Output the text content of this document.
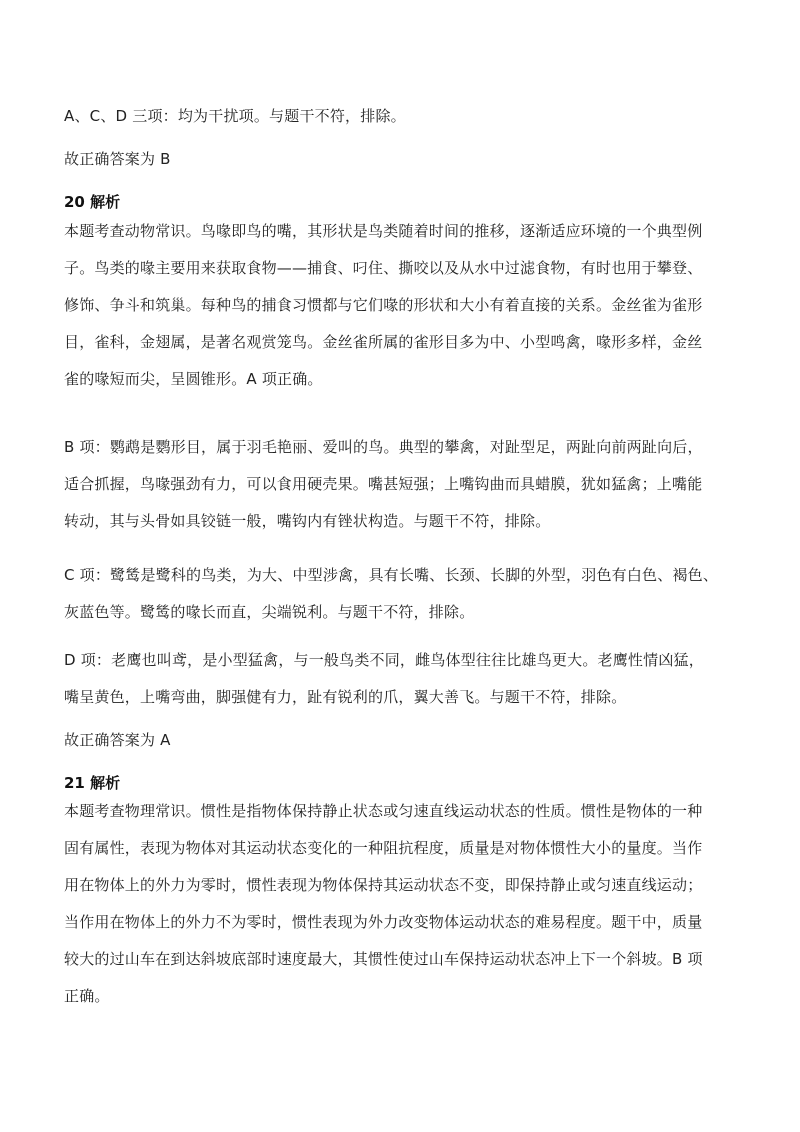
A、C、D 三项：均为干扰项。与题干不符，排除。
故正确答案为 B
20 解析
本题考查动物常识。鸟喙即鸟的嘴，其形状是鸟类随着时间的推移，逐渐适应环境的一个典型例
子。鸟类的喙主要用来获取食物——捕食、叼住、撕咬以及从水中过滤食物，有时也用于攀登、
修饰、争斗和筑巢。每种鸟的捕食习惯都与它们喙的形状和大小有着直接的关系。金丝雀为雀形
目，雀科，金翅属，是著名观赏笼鸟。金丝雀所属的雀形目多为中、小型鸣禽，喙形多样，金丝
雀的喙短而尖，呈圆锥形。A 项正确。
B 项：鹦鹉是鹦形目，属于羽毛艳丽、爱叫的鸟。典型的攀禽，对趾型足，两趾向前两趾向后，
适合抓握，鸟喙强劲有力，可以食用硬壳果。嘴甚短强；上嘴钩曲而具蜡膜，犹如猛禽；上嘴能
转动，其与头骨如具铰链一般，嘴钩内有锉状构造。与题干不符，排除。
C 项：鹭鸶是鹭科的鸟类，为大、中型涉禽，具有长嘴、长颈、长脚的外型，羽色有白色、褐色、
灰蓝色等。鹭鸶的喙长而直，尖端锐利。与题干不符，排除。
D 项：老鹰也叫鸢，是小型猛禽，与一般鸟类不同，雌鸟体型往往比雄鸟更大。老鹰性情凶猛，
嘴呈黄色，上嘴弯曲，脚强健有力，趾有锐利的爪，翼大善飞。与题干不符，排除。
故正确答案为 A
21 解析
本题考查物理常识。惯性是指物体保持静止状态或匀速直线运动状态的性质。惯性是物体的一种
固有属性，表现为物体对其运动状态变化的一种阻抗程度，质量是对物体惯性大小的量度。当作
用在物体上的外力为零时，惯性表现为物体保持其运动状态不变，即保持静止或匀速直线运动；
当作用在物体上的外力不为零时，惯性表现为外力改变物体运动状态的难易程度。题干中，质量
较大的过山车在到达斜坡底部时速度最大，其惯性使过山车保持运动状态冲上下一个斜坡。B 项
正确。
